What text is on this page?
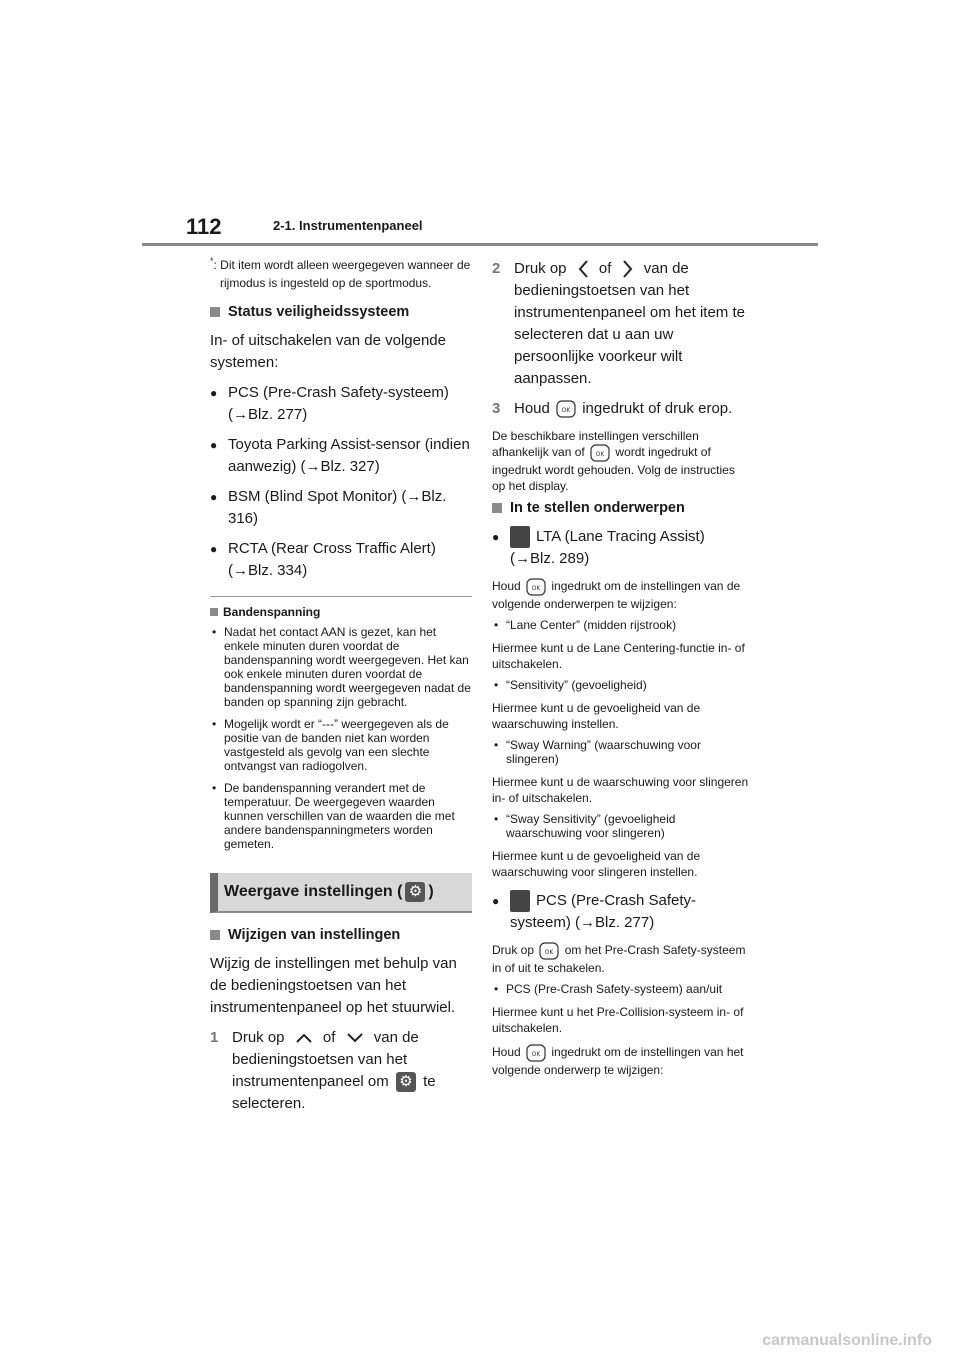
112	2-1. Instrumentenpaneel

*: Dit item wordt alleen weergegeven wanneer de rijmodus is ingesteld op de sportmodus.

Status veiligheidssysteem

In- of uitschakelen van de volgende systemen:

● PCS (Pre-Crash Safety-systeem) (→Blz. 277)
● Toyota Parking Assist-sensor (indien aanwezig) (→Blz. 327)
● BSM (Blind Spot Monitor) (→Blz. 316)
● RCTA (Rear Cross Traffic Alert) (→Blz. 334)
Bandenspanning
• Nadat het contact AAN is gezet, kan het enkele minuten duren voordat de bandenspanning wordt weergegeven. Het kan ook enkele minuten duren voordat de bandenspanning wordt weergegeven nadat de banden op spanning zijn gebracht.
• Mogelijk wordt er “---” weergegeven als de positie van de banden niet kan worden vastgesteld als gevolg van een slechte ontvangst van radiogolven.
• De bandenspanning verandert met de temperatuur. De weergegeven waarden kunnen verschillen van de waarden die met andere bandenspanningmeters worden gemeten.
Weergave instellingen ( ⚙ )
Wijzigen van instellingen

Wijzig de instellingen met behulp van de bedieningstoetsen van het instrumentenpaneel op het stuurwiel.

1 Druk op	of	van de bedieningstoetsen van het instrumentenpaneel om ⚙ te selecteren.
2 Druk op of van de bedieningstoetsen van het instrumentenpaneel om het item te selecteren dat u aan uw persoonlijke voorkeur wilt aanpassen.
3 Houd OK ingedrukt of druk erop.

De beschikbare instellingen verschillen afhankelijk van of OK wordt ingedrukt of ingedrukt wordt gehouden. Volg de instructies op het display.

In te stellen onderwerpen
● LTA (Lane Tracing Assist) (→Blz. 289)

Houd OK ingedrukt om de instellingen van de volgende onderwerpen te wijzigen:

• “Lane Center” (midden rijstrook)

Hiermee kunt u de Lane Centering-functie in- of uitschakelen.

• “Sensitivity” (gevoeligheid)

Hiermee kunt u de gevoeligheid van de waarschuwing instellen.

• “Sway Warning” (waarschuwing voor slingeren)

Hiermee kunt u de waarschuwing voor slingeren in- of uitschakelen.

• “Sway Sensitivity” (gevoeligheid waarschuwing voor slingeren)

Hiermee kunt u de gevoeligheid van de waarschuwing voor slingeren instellen.

● PCS (Pre-Crash Safety-systeem) (→Blz. 277)

Druk op OK om het Pre-Crash Safety-systeem in of uit te schakelen.

• PCS (Pre-Crash Safety-systeem) aan/uit

Hiermee kunt u het Pre-Collision-systeem in- of uitschakelen.

Houd OK ingedrukt om de instellingen van het volgende onderwerp te wijzigen:

carmanualsonline.info
